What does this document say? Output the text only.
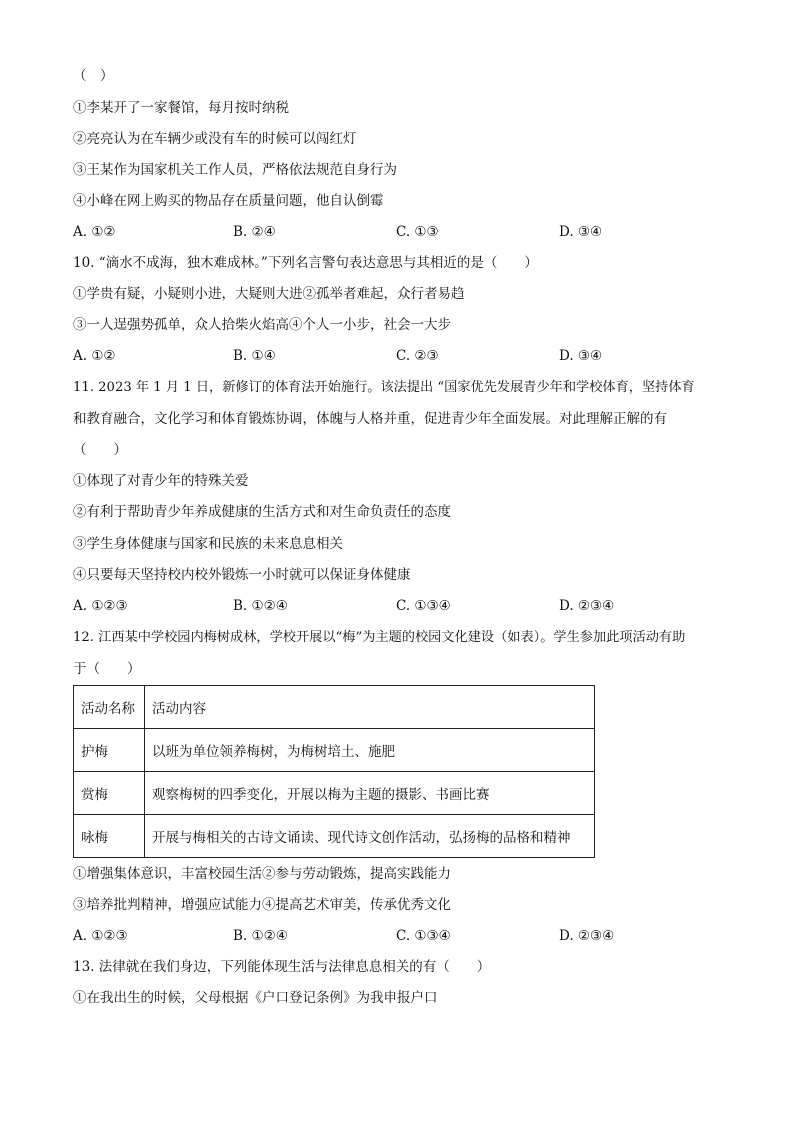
（　）
①李某开了一家餐馆，每月按时纳税
②亮亮认为在车辆少或没有车的时候可以闯红灯
③王某作为国家机关工作人员，严格依法规范自身行为
④小峰在网上购买的物品存在质量问题，他自认倒霉
A. ①②	B. ②④	C. ①③	D. ③④
10. “滴水不成海，独木难成林。”下列名言警句表达意思与其相近的是（　　）
①学贵有疑，小疑则小进，大疑则大进②孤举者难起，众行者易趋
③一人逞强势孤单，众人拾柴火焰高④个人一小步，社会一大步
A. ①②	B. ①④	C. ②③	D. ③④
11. 2023 年 1 月 1 日，新修订的体育法开始施行。该法提出 “国家优先发展青少年和学校体育，坚持体育
和教育融合，文化学习和体育锻炼协调，体魄与人格并重，促进青少年全面发展。对此理解正解的有
（　　）
①体现了对青少年的特殊关爱
②有利于帮助青少年养成健康的生活方式和对生命负责任的态度
③学生身体健康与国家和民族的未来息息相关
④只要每天坚持校内校外锻炼一小时就可以保证身体健康
A. ①②③	B. ①②④	C. ①③④	D. ②③④
12. 江西某中学校园内梅树成林，学校开展以“梅”为主题的校园文化建设（如表）。学生参加此项活动有助
于（　　）
活动名称	活动内容
护梅	以班为单位领养梅树，为梅树培土、施肥
赏梅	观察梅树的四季变化，开展以梅为主题的摄影、书画比赛
咏梅	开展与梅相关的古诗文诵读、现代诗文创作活动，弘扬梅的品格和精神
①增强集体意识，丰富校园生活②参与劳动锻炼，提高实践能力
③培养批判精神，增强应试能力④提高艺术审美，传承优秀文化
A. ①②③	B. ①②④	C. ①③④	D. ②③④
13. 法律就在我们身边，下列能体现生活与法律息息相关的有（　　）
①在我出生的时候，父母根据《户口登记条例》为我申报户口
